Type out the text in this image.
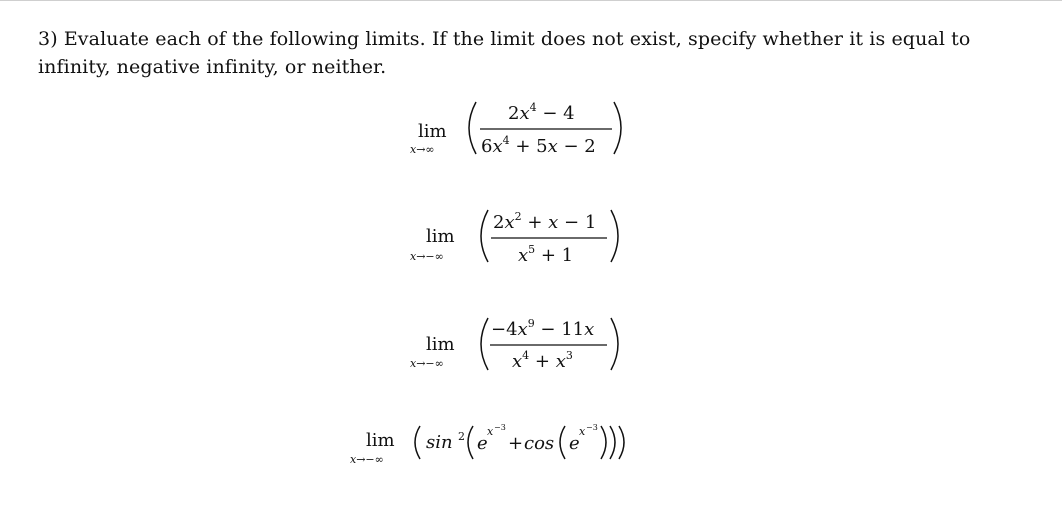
3) Evaluate each of the following limits. If the limit does not exist, specify whether it is equal to infinity, negative infinity, or neither.
lim
x→∞
$2x^4 - 4$
$6x^4 + 5x - 2$
lim
x→−∞
$2x^2 + x - 1$
$x^5 + 1$
lim
x→−∞
$-4x^9 - 11x$
$x^4 + x^3$
lim
x→−∞
sin 2 e
x −3
+ cos e
x −3
